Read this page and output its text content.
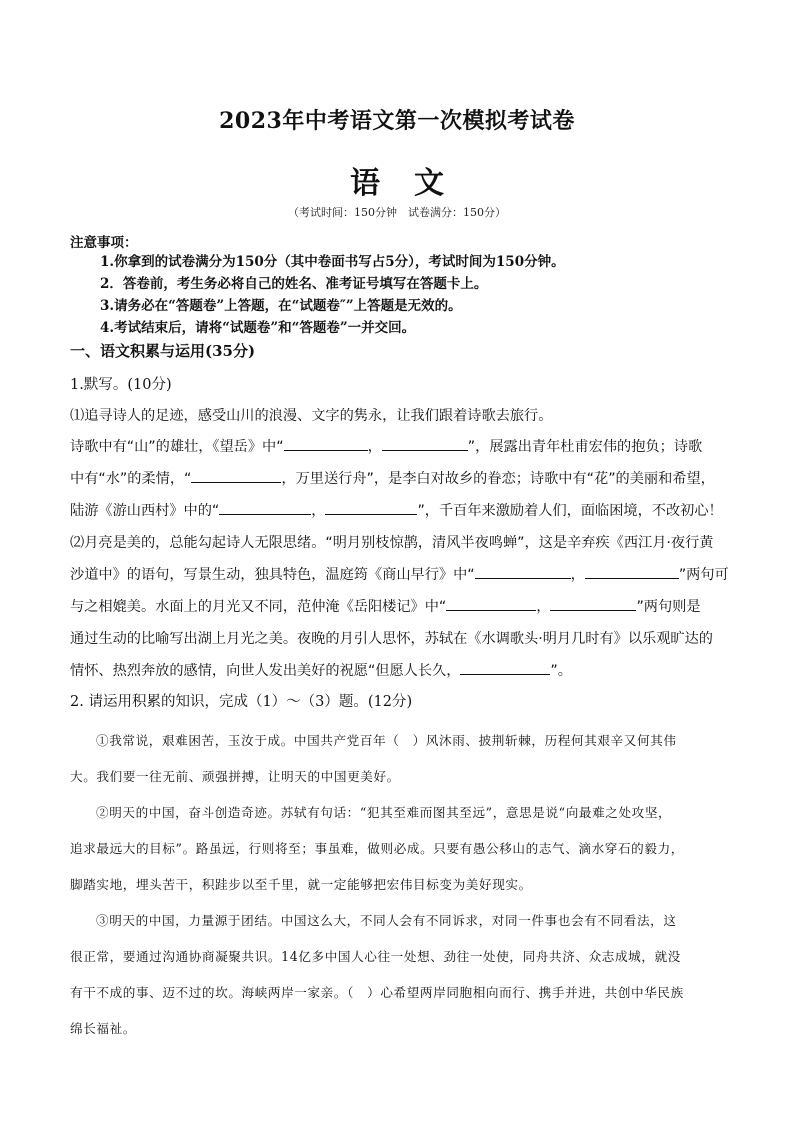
2023年中考语文第一次模拟考试卷
语文
（考试时间：150分钟　试卷满分：150分）
注意事项：
1.你拿到的试卷满分为150分（其中卷面书写占5分），考试时间为150分钟。
2．答卷前，考生务必将自己的姓名、准考证号填写在答题卡上。
3.请务必在“答题卷”上答题，在“试题卷″”上答题是无效的。
4.考试结束后，请将“试题卷”和“答题卷”一并交回。
一、语文积累与运用(35分)
1.默写。(10分)
⑴追寻诗人的足迹，感受山川的浪漫、文字的隽永，让我们跟着诗歌去旅行。
诗歌中有“山”的雄壮，《望岳》中“	，	”，展露出青年杜甫宏伟的抱负；诗歌
中有“水”的柔情，“	，万里送行舟”，是李白对故乡的眷恋；诗歌中有“花”的美丽和希望，
陆游《游山西村》中的“	，	”，千百年来激励着人们，面临困境，不改初心！
⑵月亮是美的，总能勾起诗人无限思绪。“明月别枝惊鹊，清风半夜鸣蝉”，这是辛弃疾《西江月·夜行黄
沙道中》的语句，写景生动，独具特色，温庭筠《商山早行》中“	，	”两句可
与之相媲美。水面上的月光又不同，范仲淹《岳阳楼记》中“	，	”两句则是
通过生动的比喻写出湖上月光之美。夜晚的月引人思怀，苏轼在《水调歌头·明月几时有》以乐观旷达的
情怀、热烈奔放的感情，向世人发出美好的祝愿“但愿人长久，	”。
2. 请运用积累的知识，完成（1）～（3）题。(12分)
①我常说，艰难困苦，玉汝于成。中国共产党百年（　）风沐雨、披荆斩棘，历程何其艰辛又何其伟
大。我们要一往无前、顽强拼搏，让明天的中国更美好。
②明天的中国，奋斗创造奇迹。苏轼有句话：“犯其至难而图其至远”，意思是说“向最难之处攻坚，
追求最远大的目标”。路虽远，行则将至；事虽难，做则必成。只要有愚公移山的志气、滴水穿石的毅力，
脚踏实地，埋头苦干，积跬步以至千里，就一定能够把宏伟目标变为美好现实。
③明天的中国，力量源于团结。中国这么大，不同人会有不同诉求，对同一件事也会有不同看法，这
很正常，要通过沟通协商凝聚共识。14亿多中国人心往一处想、劲往一处使，同舟共济、众志成城，就没
有干不成的事、迈不过的坎。海峡两岸一家亲。（　）心希望两岸同胞相向而行、携手并进，共创中华民族
绵长福祉。
